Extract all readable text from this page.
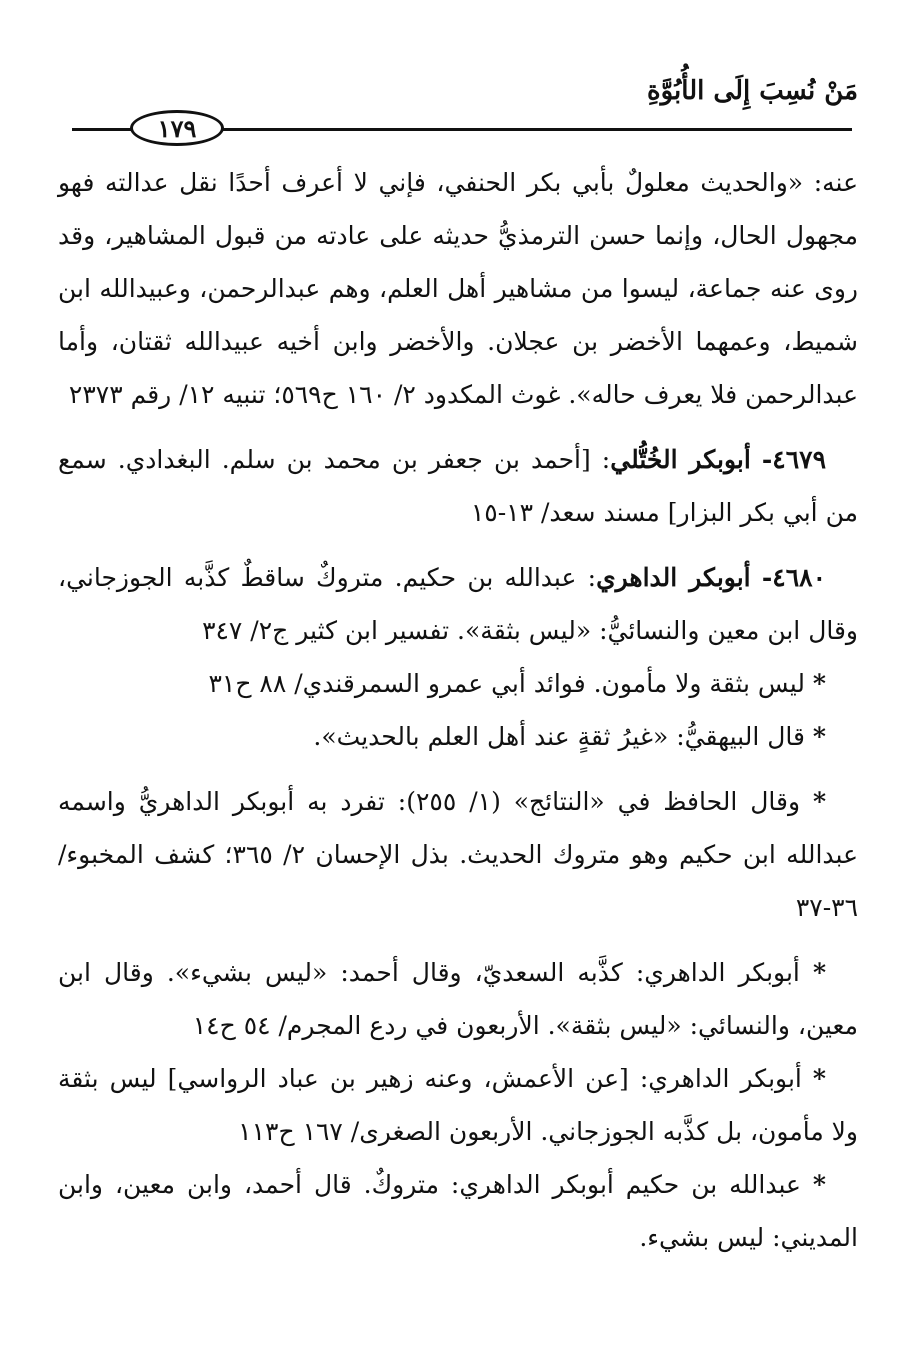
مَنْ نُسِبَ إِلَى الأُبُوَّةِ
١٧٩

عنه: «والحديث معلولٌ بأبي بكر الحنفي، فإني لا أعرف أحدًا نقل عدالته فهو مجهول الحال، وإنما حسن الترمذيُّ حديثه على عادته من قبول المشاهير، وقد روى عنه جماعة، ليسوا من مشاهير أهل العلم، وهم عبدالرحمن، وعبيدالله ابن شميط، وعمهما الأخضر بن عجلان. والأخضر وابن أخيه عبيدالله ثقتان، وأما عبدالرحمن فلا يعرف حاله». غوث المكدود ٢/ ١٦٠ ح٥٦٩؛ تنبيه ١٢/ رقم ٢٣٧٣

٤٦٧٩- أبوبكر الخُتُّلي: [أحمد بن جعفر بن محمد بن سلم. البغدادي. سمع من أبي بكر البزار] مسند سعد/ ١٣-١٥

٤٦٨٠- أبوبكر الداهري: عبدالله بن حكيم. متروكٌ ساقطٌ كذَّبه الجوزجاني، وقال ابن معين والنسائيُّ: «ليس بثقة». تفسير ابن كثير ج٢/ ٣٤٧

* ليس بثقة ولا مأمون. فوائد أبي عمرو السمرقندي/ ٨٨ ح٣١

* قال البيهقيُّ: «غيرُ ثقةٍ عند أهل العلم بالحديث».

* وقال الحافظ في «النتائج» (١/ ٢٥٥): تفرد به أبوبكر الداهريُّ واسمه عبدالله ابن حكيم وهو متروك الحديث. بذل الإحسان ٢/ ٣٦٥؛ كشف المخبوء/ ٣٦-٣٧

* أبوبكر الداهري: كذَّبه السعديّ، وقال أحمد: «ليس بشيء». وقال ابن معين، والنسائي: «ليس بثقة». الأربعون في ردع المجرم/ ٥٤ ح١٤

* أبوبكر الداهري: [عن الأعمش، وعنه زهير بن عباد الرواسي] ليس بثقة ولا مأمون، بل كذَّبه الجوزجاني. الأربعون الصغرى/ ١٦٧ ح١١٣

* عبدالله بن حكيم أبوبكر الداهري: متروكٌ. قال أحمد، وابن معين، وابن المديني: ليس بشيء.
